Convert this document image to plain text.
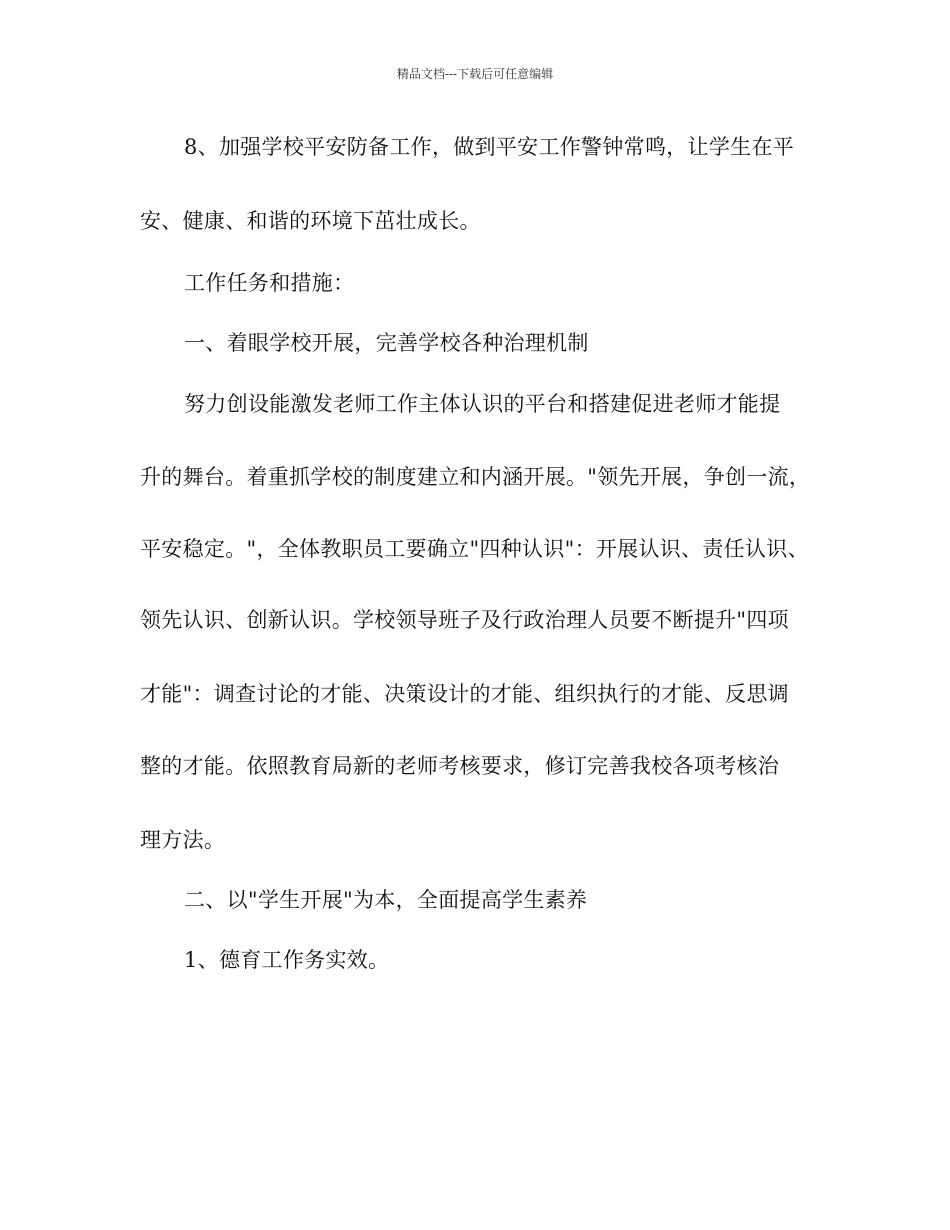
精品文档---下载后可任意编辑
8、加强学校平安防备工作，做到平安工作警钟常鸣，让学生在平
安、健康、和谐的环境下茁壮成长。
工作任务和措施：
一、着眼学校开展，完善学校各种治理机制
努力创设能激发老师工作主体认识的平台和搭建促进老师才能提
升的舞台。着重抓学校的制度建立和内涵开展。"领先开展，争创一流，
平安稳定。"，全体教职员工要确立"四种认识"：开展认识、责任认识、
领先认识、创新认识。学校领导班子及行政治理人员要不断提升"四项
才能"：调查讨论的才能、决策设计的才能、组织执行的才能、反思调
整的才能。依照教育局新的老师考核要求，修订完善我校各项考核治
理方法。
二、以"学生开展"为本，全面提高学生素养
1、德育工作务实效。
